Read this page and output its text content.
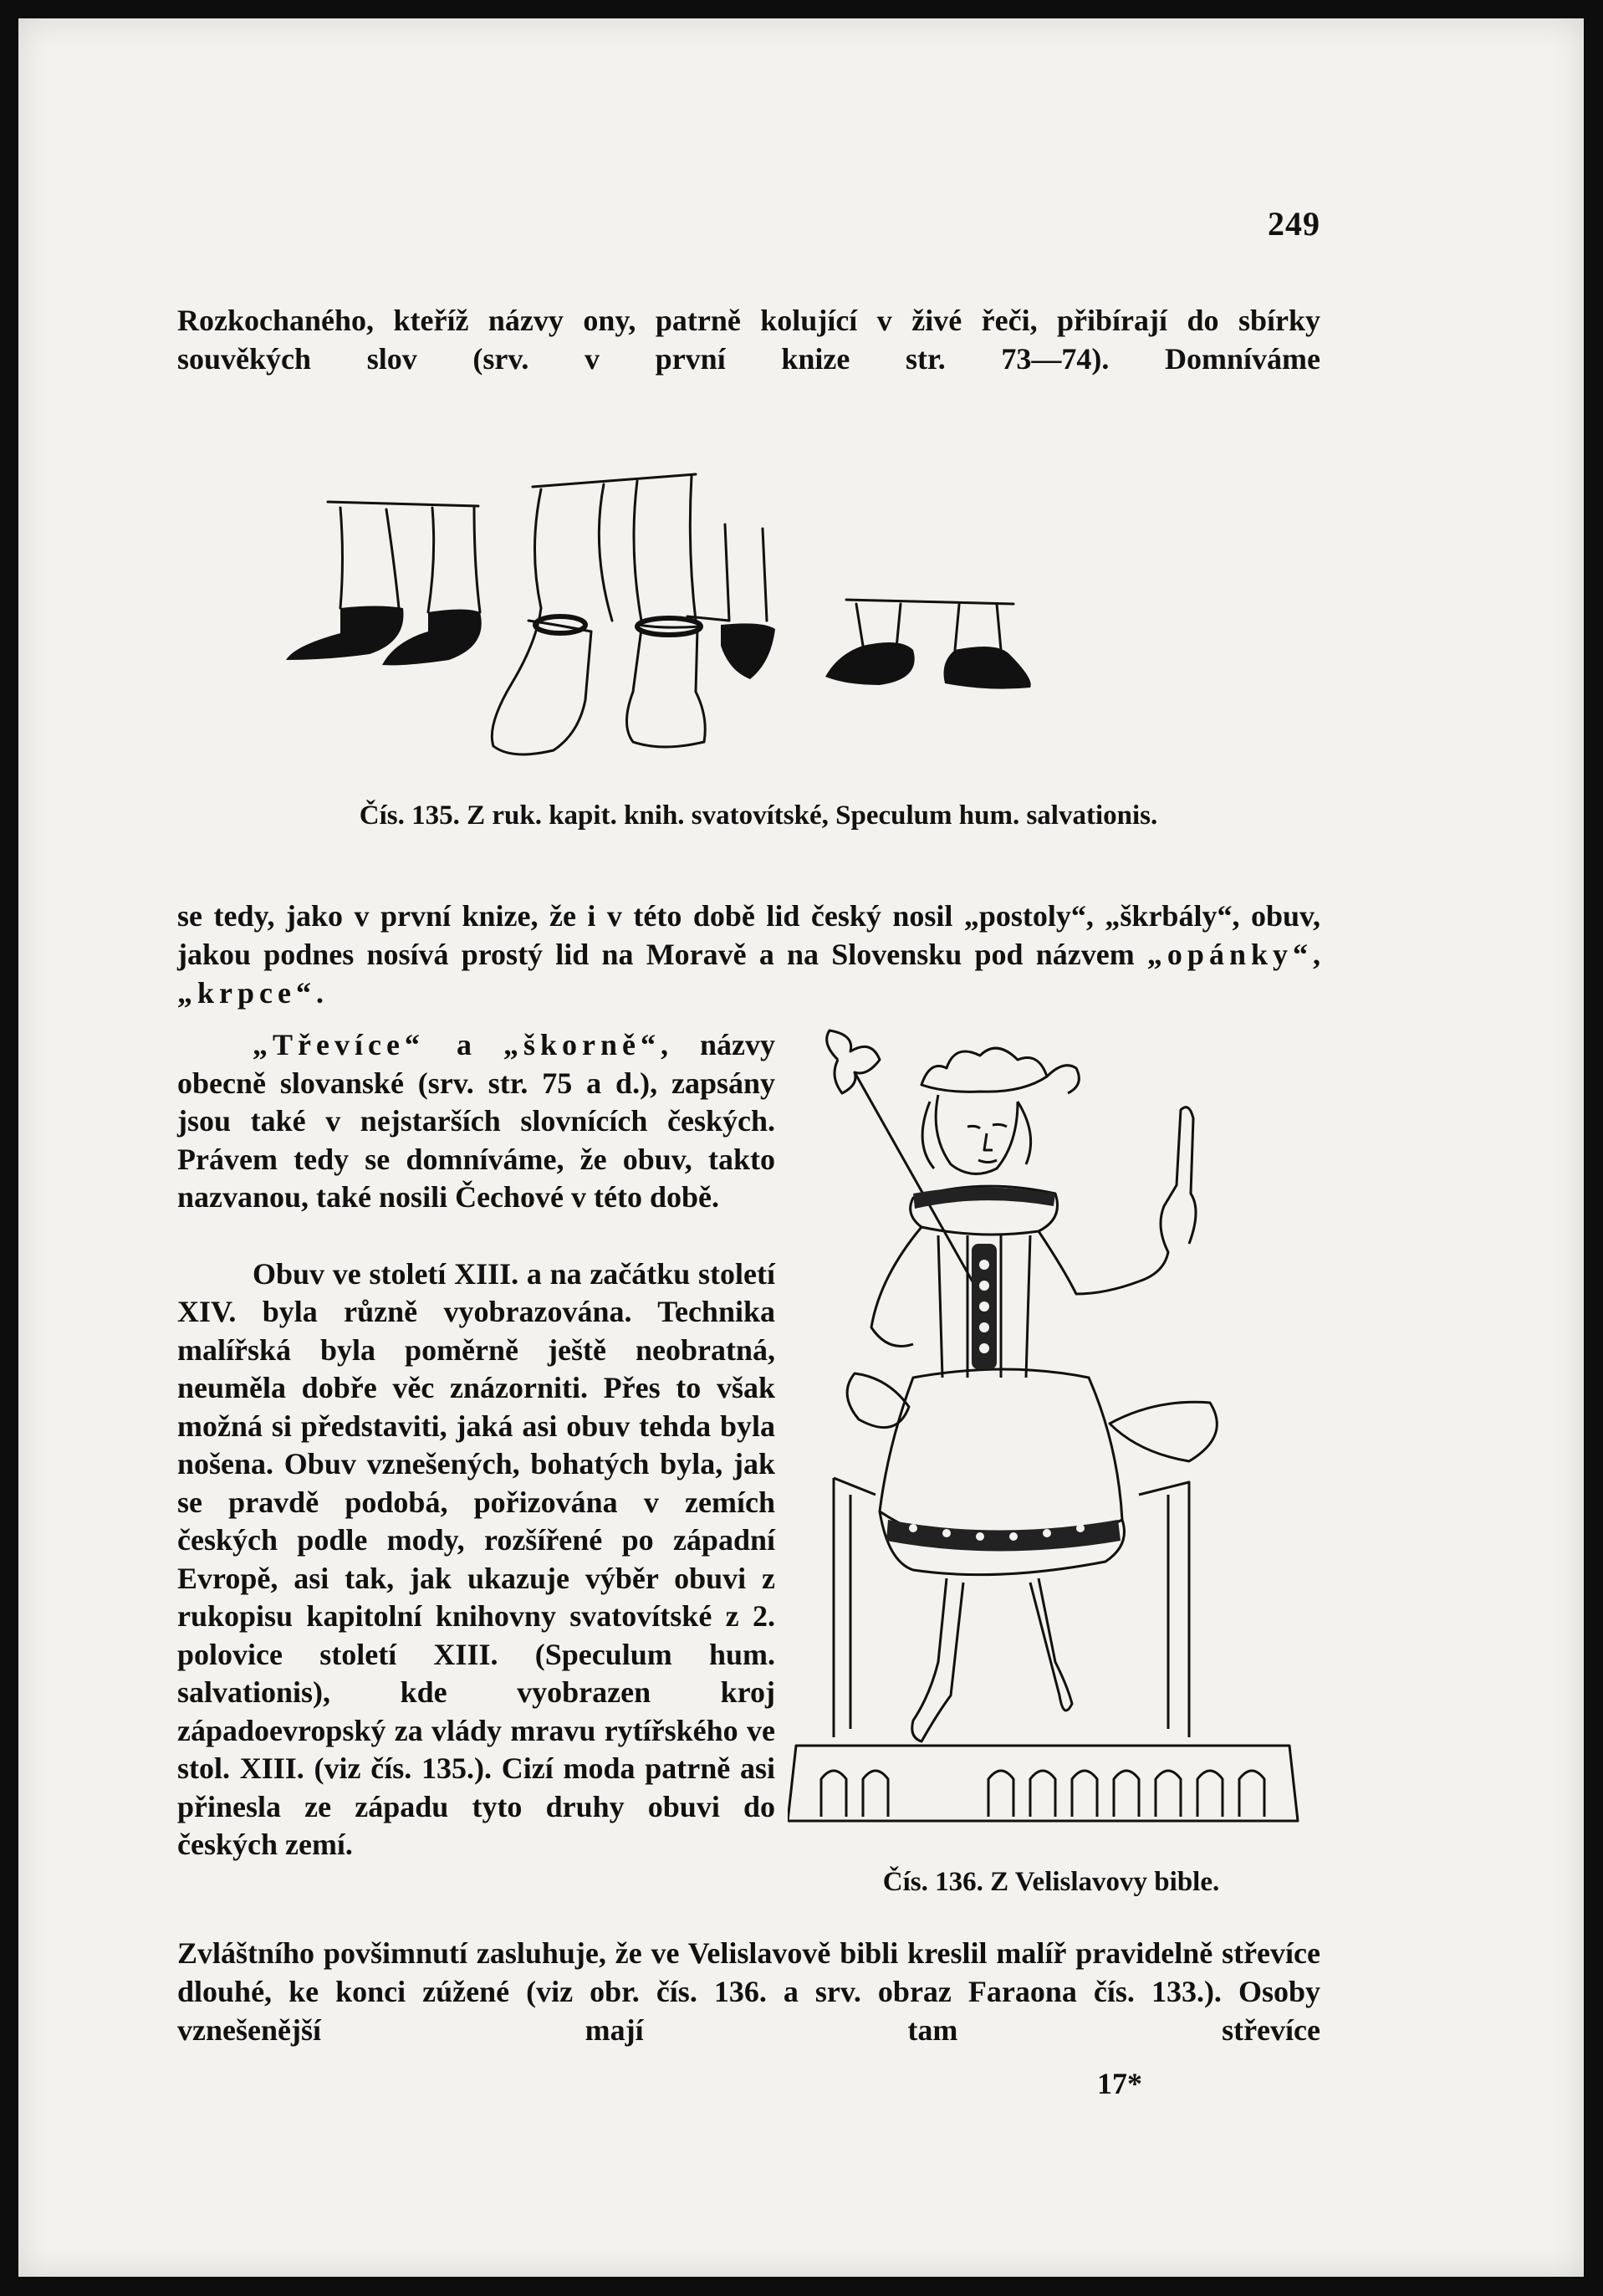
249

Rozkochaného, kteříž názvy ony, patrně kolující v živé řeči, přibírají do sbírky souvěkých slov (srv. v první knize str. 73—74). Domníváme

Čís. 135. Z ruk. kapit. knih. svatovítské, Speculum hum. salvationis.

se tedy, jako v první knize, že i v této době lid český nosil „postoly“, „škrbály“, obuv, jakou podnes nosívá prostý lid na Moravě a na Slovensku pod názvem „opánky“, „krpce“.

„Třevíce“ a „škorně“, názvy obecně slovanské (srv. str. 75 a d.), zapsány jsou také v nejstarších slovnících českých. Právem tedy se domníváme, že obuv, takto nazvanou, také nosili Čechové v této době.

Obuv ve století XIII. a na začátku století XIV. byla různě vyobrazována. Technika malířská byla poměrně ještě neobratná, neuměla dobře věc znázorniti. Přes to však možná si představiti, jaká asi obuv tehda byla nošena. Obuv vznešených, bohatých byla, jak se pravdě podobá, pořizována v zemích českých podle mody, rozšířené po západní Evropě, asi tak, jak ukazuje výběr obuvi z rukopisu kapitolní knihovny svatovítské z 2. polovice století XIII. (Speculum hum. salvationis), kde vyobrazen kroj západoevropský za vlády mravu rytířského ve stol. XIII. (viz čís. 135.). Cizí moda patrně asi přinesla ze západu tyto druhy obuvi do českých zemí.

Čís. 136. Z Velislavovy bible.

Zvláštního povšimnutí zasluhuje, že ve Velislavově bibli kreslil malíř pravidelně střevíce dlouhé, ke konci zúžené (viz obr. čís. 136. a srv. obraz Faraona čís. 133.). Osoby vznešenější mají tam střevíce

17*
